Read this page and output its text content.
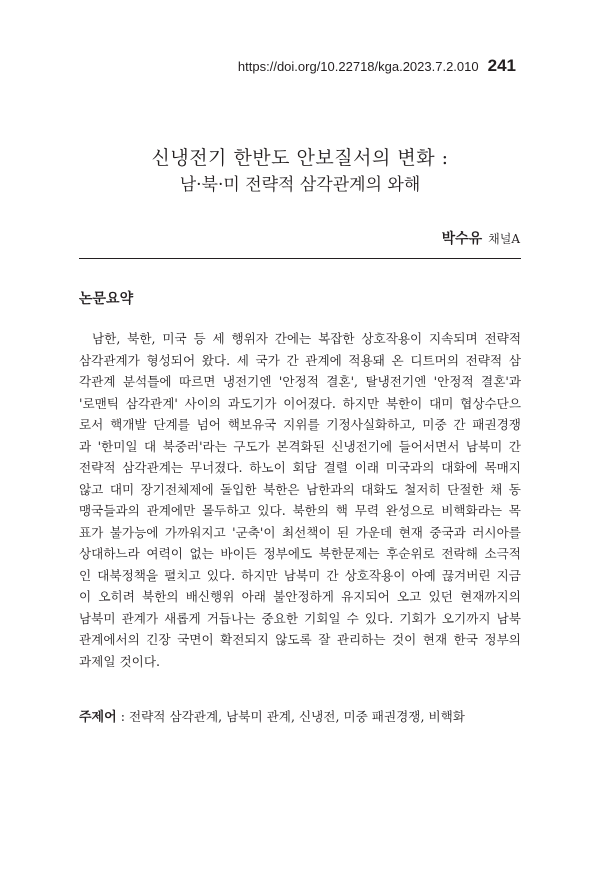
https://doi.org/10.22718/kga.2023.7.2.010 241
신냉전기 한반도 안보질서의 변화 :
남·북·미 전략적 삼각관계의 와해
박수유 채널A
논문요약
남한, 북한, 미국 등 세 행위자 간에는 복잡한 상호작용이 지속되며 전략적
삼각관계가 형성되어 왔다. 세 국가 간 관계에 적용돼 온 디트머의 전략적 삼
각관계 분석틀에 따르면 냉전기엔 '안정적 결혼', 탈냉전기엔 '안정적 결혼'과
'로맨틱 삼각관계' 사이의 과도기가 이어졌다. 하지만 북한이 대미 협상수단으
로서 핵개발 단계를 넘어 핵보유국 지위를 기정사실화하고, 미중 간 패권경쟁
과 '한미일 대 북중러'라는 구도가 본격화된 신냉전기에 들어서면서 남북미 간
전략적 삼각관계는 무너졌다. 하노이 회담 결렬 이래 미국과의 대화에 목매지
않고 대미 장기전체제에 돌입한 북한은 남한과의 대화도 철저히 단절한 채 동
맹국들과의 관계에만 몰두하고 있다. 북한의 핵 무력 완성으로 비핵화라는 목
표가 불가능에 가까워지고 '군축'이 최선책이 된 가운데 현재 중국과 러시아를
상대하느라 여력이 없는 바이든 정부에도 북한문제는 후순위로 전락해 소극적
인 대북정책을 펼치고 있다. 하지만 남북미 간 상호작용이 아예 끊겨버린 지금
이 오히려 북한의 배신행위 아래 불안정하게 유지되어 오고 있던 현재까지의
남북미 관계가 새롭게 거듭나는 중요한 기회일 수 있다. 기회가 오기까지 남북
관계에서의 긴장 국면이 확전되지 않도록 잘 관리하는 것이 현재 한국 정부의
과제일 것이다.
주제어 : 전략적 삼각관계, 남북미 관계, 신냉전, 미중 패권경쟁, 비핵화
